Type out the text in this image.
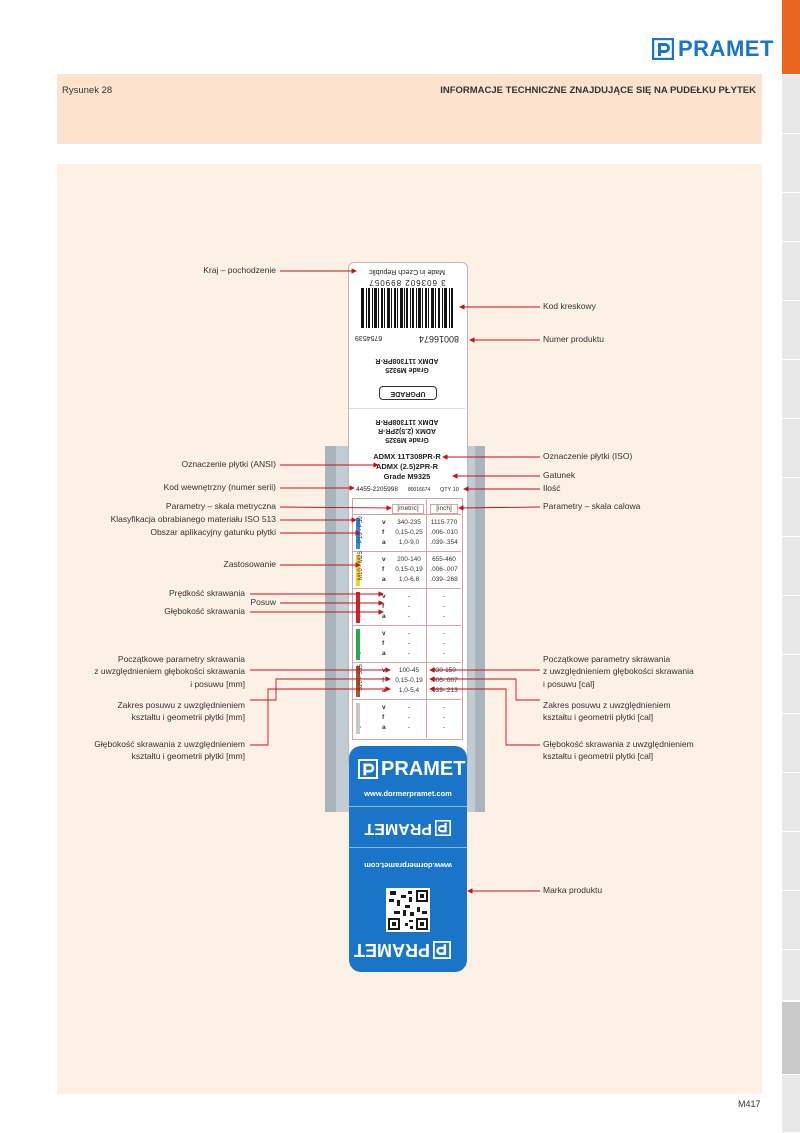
PRAMET
Rysunek 28	INFORMACJE TECHNICZNE ZNAJDUJĄCE SIĘ NA PUDEŁKU PŁYTEK
Grade M9325
ADMX (2.5)2PR-R
ADMX 11T308PR-R
UPGRADE
Grade M9325
ADMX 11T308PR-R
6754539	80016674
3 603602 899057
Made in Czech Republic
ADMX 11T308PR-R
ADMX (2.5)2PR-R
Grade M9325
4455-2205998 80016674 QTY 10
[metric]	[inch]
P10 - P30	v	340-235	1115-770
f	0,15-0,25	.006-.010
a	1,0-9,0	.039-.354
M10 - M25	v	200-140	655-460
f	0,15-0,19	.006-.007
a	1,0-6,8	.039-.268
-
v	-	-
f	-	-
a	-	-
-
v	-	-
f	-	-
a	-	-
S20 - S35	v	100-45	330-150
f	0,15-0,19	.006-.007
a	1,0-5,4	.039-.213
-
v	-	-
f	-	-
a	-	-
PRAMET
www.dormerpramet.com
PRAMET
www.dormerpramet.com
PRAMET
Kraj – pochodzenie
Oznaczenie płytki (ANSI)
Kod wewnętrzny (numer serii)
Parametry – skala metryczna
Klasyfikacja obrabianego materiału ISO 513
Obszar aplikacyjny gatunku płytki
Zastosowanie
Prędkość skrawania
Posuw
Głębokość skrawania
Początkowe parametry skrawania
z uwzględnieniem głębokości skrawania
i posuwu [mm]
Zakres posuwu z uwzględnieniem
kształtu i geometrii płytki [mm]
Głębokość skrawania z uwzględnieniem
kształtu i geometrii płytki [mm]
Kod kreskowy
Numer produktu
Oznaczenie płytki (ISO)
Gatunek
Ilość
Parametry – skala calowa
Początkowe parametry skrawania
z uwzględnieniem głębokości skrawania
i posuwu [cal]
Zakres posuwu z uwzględnieniem
kształtu i geometrii płytki [cal]
Głębokość skrawania z uwzględnieniem
kształtu i geometrii płytki [cal]
Marka produktu
M417
